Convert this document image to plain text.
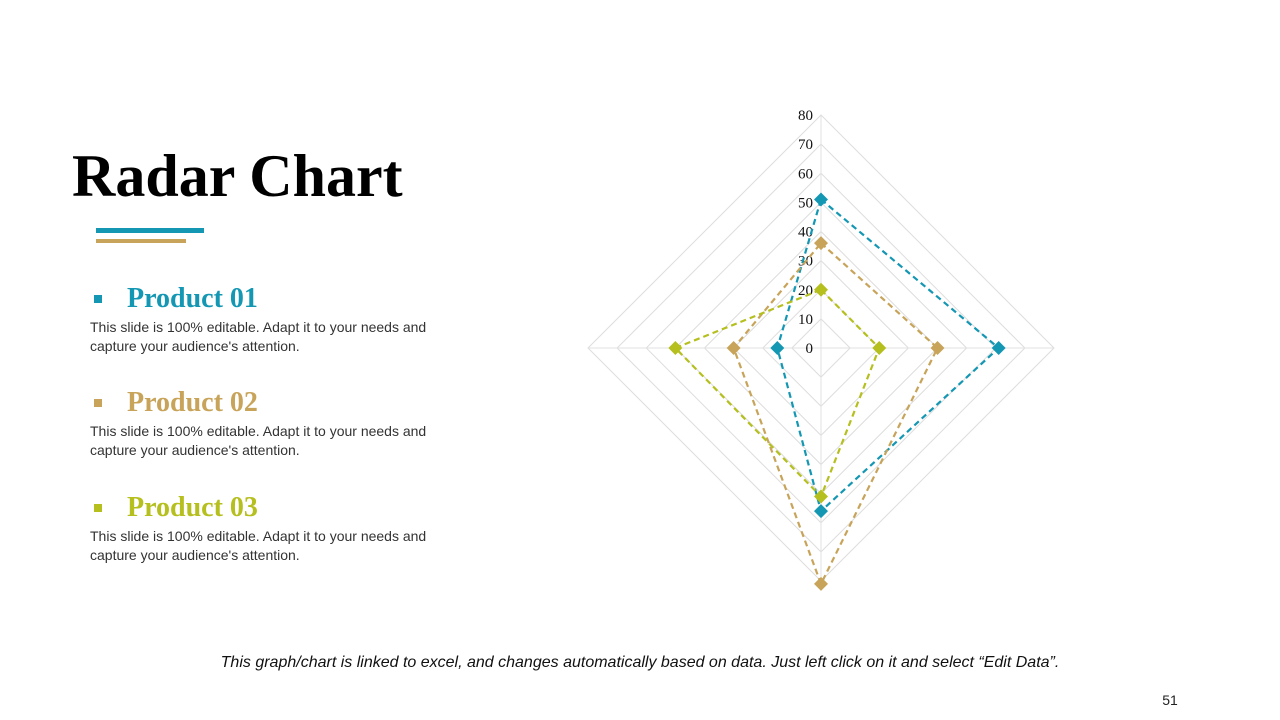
Radar Chart
Product 01
This slide is 100% editable. Adapt it to your needs and capture your audience's attention.
Product 02
This slide is 100% editable. Adapt it to your needs and capture your audience's attention.
Product 03
This slide is 100% editable. Adapt it to your needs and capture your audience's attention.
0
10
20
30
40
50
60
70
80
This graph/chart is linked to excel, and changes automatically based on data. Just left click on it and select “Edit Data”.
51
